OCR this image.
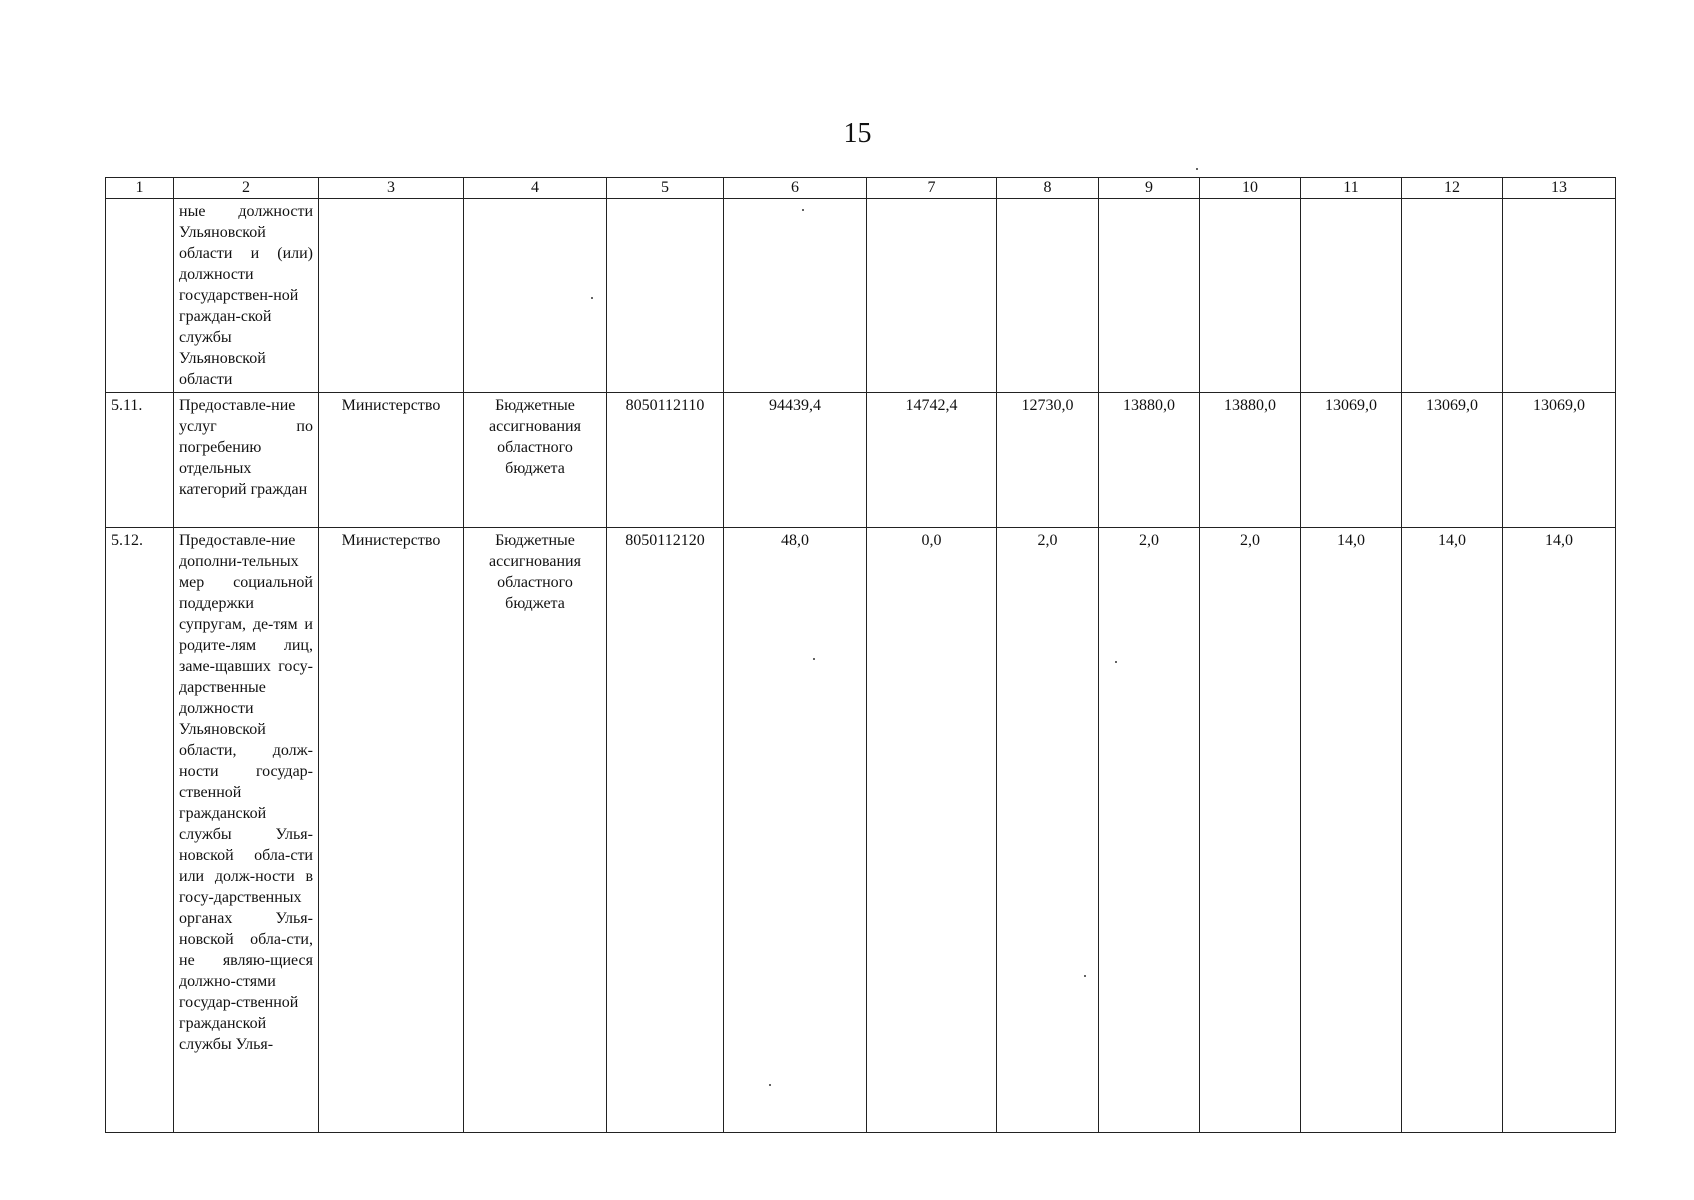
15
1	2	3	4	5	6	7	8	9	10	11	12	13
	ные должности Ульяновской области и (или) должности государствен-ной граждан-ской службы Ульяновской области											
5.11.	Предоставле-ние услуг по погребению отдельных категорий граждан	Министерство	Бюджетные ассигнования областного бюджета	8050112110	94439,4	14742,4	12730,0	13880,0	13880,0	13069,0	13069,0	13069,0
5.12.	Предоставле-ние дополни-тельных мер социальной поддержки супругам, де-тям и родите-лям лиц, заме-щавших госу-дарственные должности Ульяновской области, долж-ности государ-ственной гражданской службы Улья-новской обла-сти или долж-ности в госу-дарственных органах Улья-новской обла-сти, не являю-щиеся должно-стями государ-ственной гражданской службы Улья-	Министерство	Бюджетные ассигнования областного бюджета	8050112120	48,0	0,0	2,0	2,0	2,0	14,0	14,0	14,0
